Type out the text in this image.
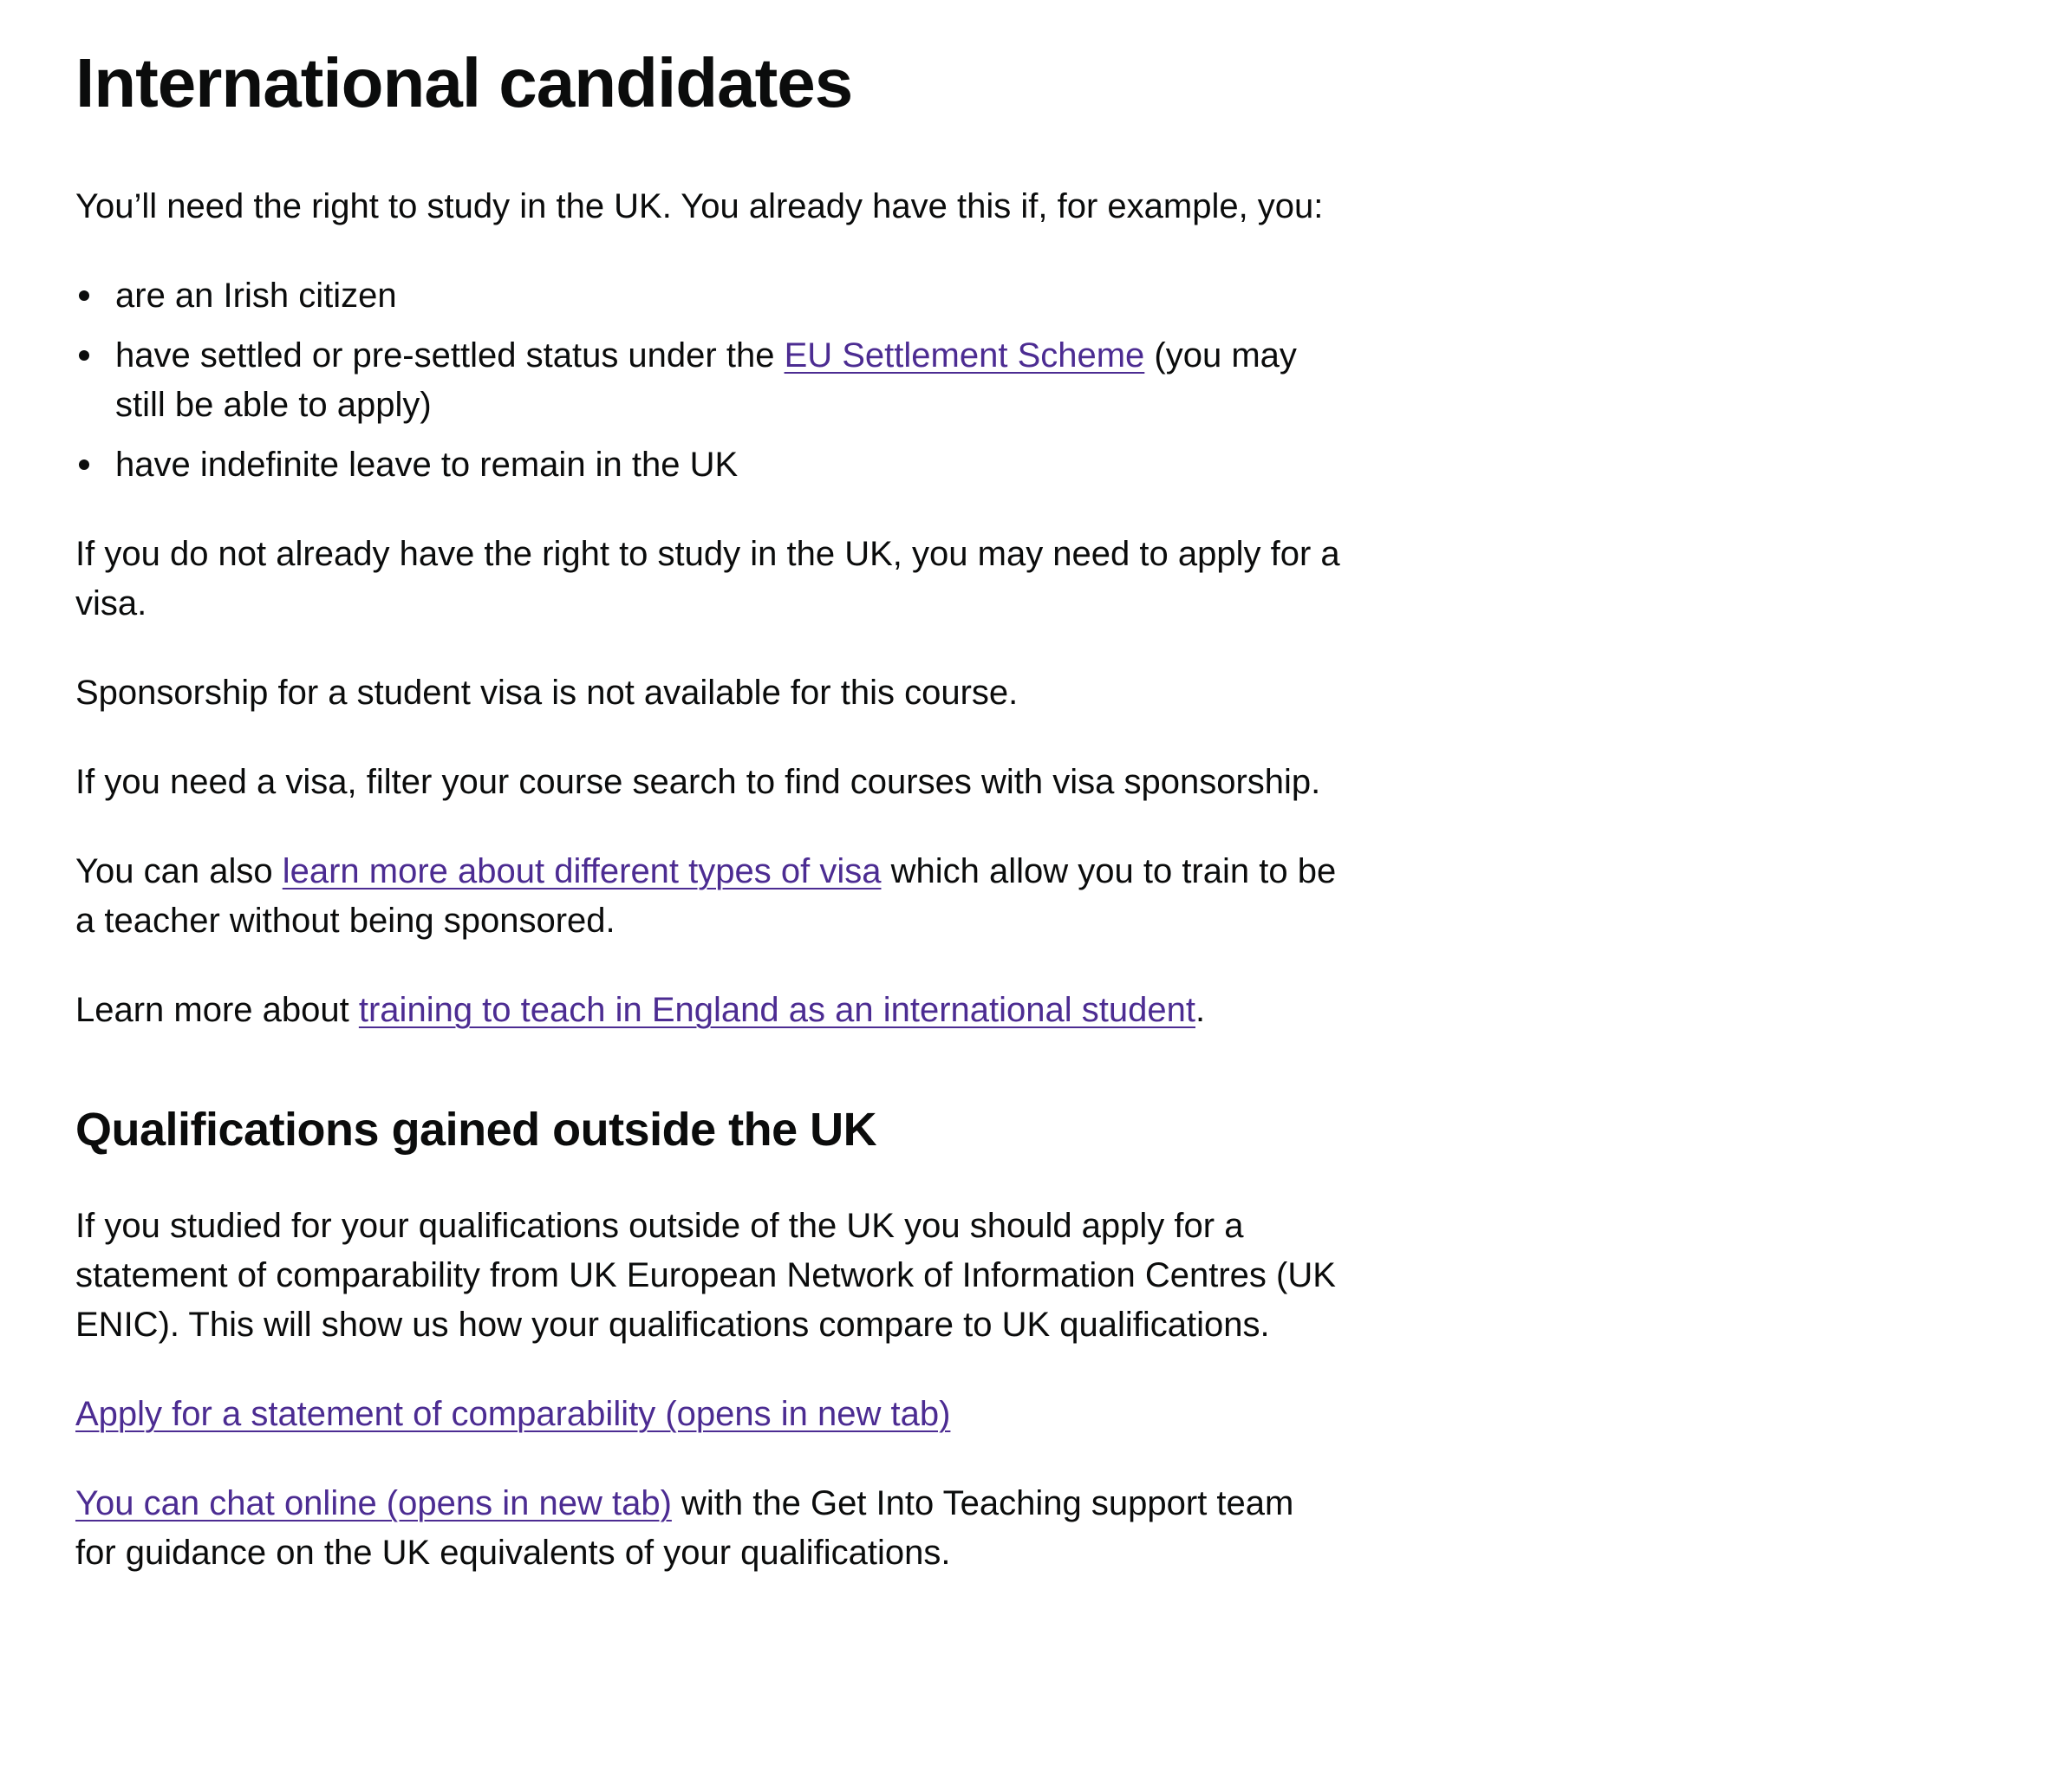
International candidates

You’ll need the right to study in the UK. You already have this if, for example, you:

are an Irish citizen
have settled or pre-settled status under the EU Settlement Scheme (you may still be able to apply)
have indefinite leave to remain in the UK

If you do not already have the right to study in the UK, you may need to apply for a visa.

Sponsorship for a student visa is not available for this course.

If you need a visa, filter your course search to find courses with visa sponsorship.

You can also learn more about different types of visa which allow you to train to be a teacher without being sponsored.

Learn more about training to teach in England as an international student.

Qualifications gained outside the UK

If you studied for your qualifications outside of the UK you should apply for a statement of comparability from UK European Network of Information Centres (UK ENIC). This will show us how your qualifications compare to UK qualifications.

Apply for a statement of comparability (opens in new tab)

You can chat online (opens in new tab) with the Get Into Teaching support team for guidance on the UK equivalents of your qualifications.
